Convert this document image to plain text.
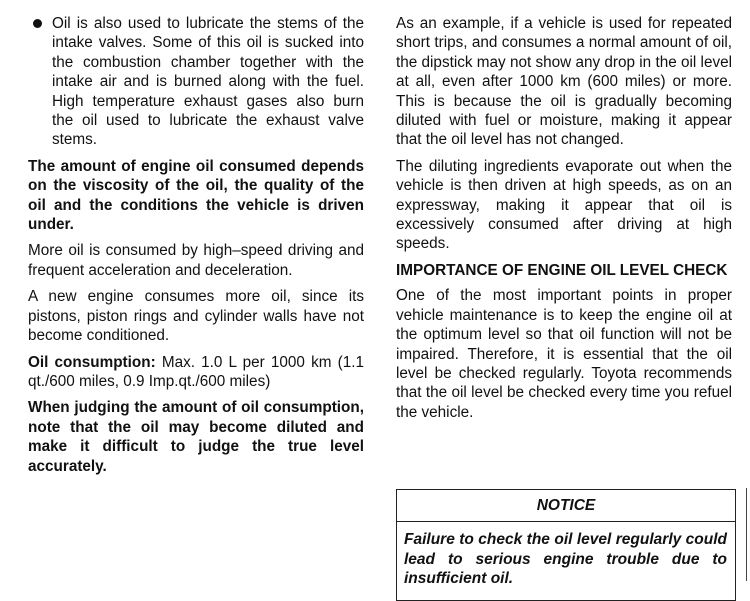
Oil is also used to lubricate the stems of the intake valves. Some of this oil is sucked into the combustion chamber together with the intake air and is burned along with the fuel. High temperature exhaust gases also burn the oil used to lubricate the exhaust valve stems.

The amount of engine oil consumed depends on the viscosity of the oil, the quality of the oil and the conditions the vehicle is driven under.

More oil is consumed by high–speed driving and frequent acceleration and deceleration.

A new engine consumes more oil, since its pistons, piston rings and cylinder walls have not become conditioned.

Oil consumption: Max. 1.0 L per 1000 km (1.1 qt./600 miles, 0.9 Imp.qt./600 miles)

When judging the amount of oil consumption, note that the oil may become diluted and make it difficult to judge the true level accurately.

As an example, if a vehicle is used for repeated short trips, and consumes a normal amount of oil, the dipstick may not show any drop in the oil level at all, even after 1000 km (600 miles) or more. This is because the oil is gradually becoming diluted with fuel or moisture, making it appear that the oil level has not changed.

The diluting ingredients evaporate out when the vehicle is then driven at high speeds, as on an expressway, making it appear that oil is excessively consumed after driving at high speeds.

IMPORTANCE OF ENGINE OIL LEVEL CHECK

One of the most important points in proper vehicle maintenance is to keep the engine oil at the optimum level so that oil function will not be impaired. Therefore, it is essential that the oil level be checked regularly. Toyota recommends that the oil level be checked every time you refuel the vehicle.

NOTICE
Failure to check the oil level regularly could lead to serious engine trouble due to insufficient oil.
